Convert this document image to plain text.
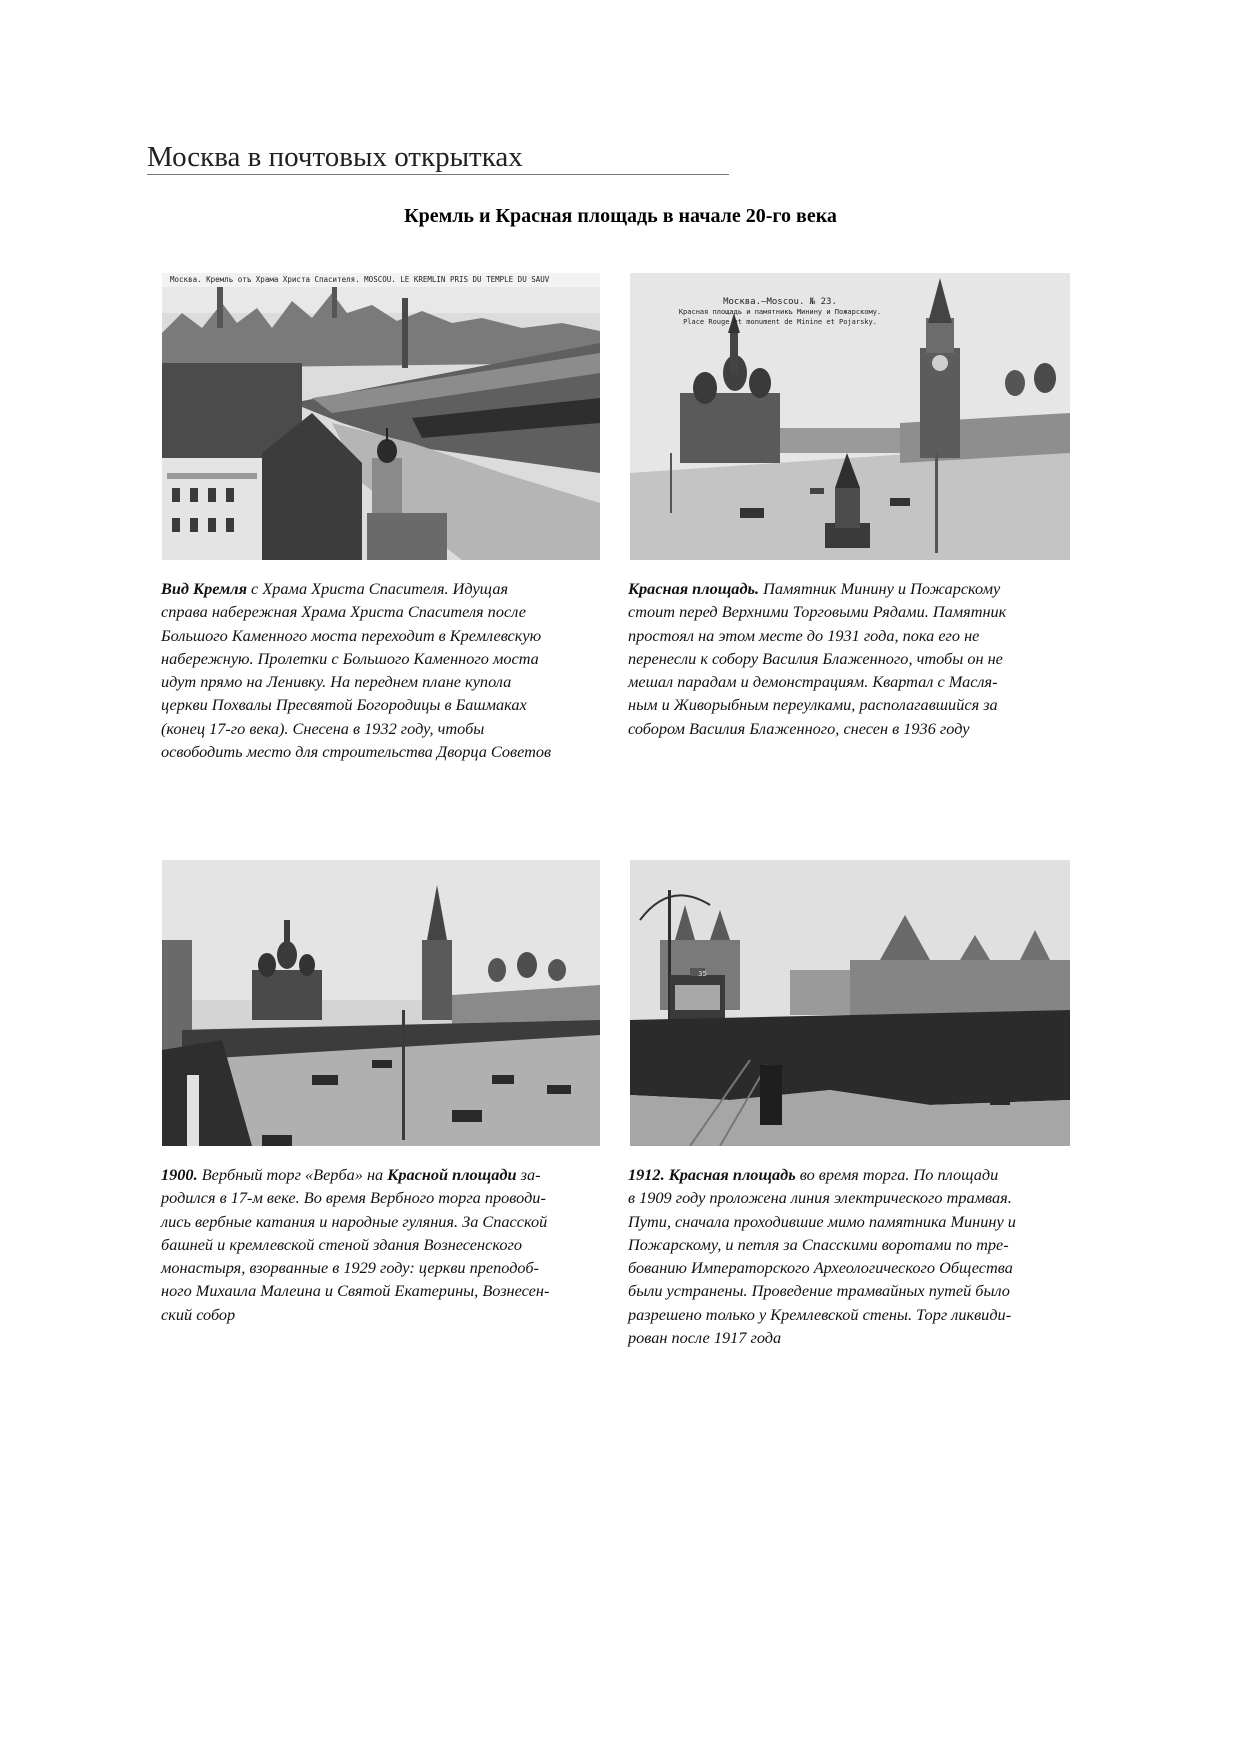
Москва в почтовых открытках
Кремль и Красная площадь в начале 20-го века
Москва. Кремль отъ Храма Христа Спасителя. MOSCOU. LE KREMLIN PRIS DU TEMPLE DU SAUV
Москва.—Moscou. № 23.
Красная площадь и памятникъ Минину и Пожарскому.
Place Rouge et monument de Minine et Pojarsky.
Вид Кремля с Храма Христа Спасителя. Идущая
справа набережная Храма Христа Спасителя после
Большого Каменного моста переходит в Кремлевскую
набережную. Пролетки с Большого Каменного моста
идут прямо на Ленивку. На переднем плане купола
церкви Похвалы Пресвятой Богородицы в Башмаках
(конец 17-го века). Снесена в 1932 году, чтобы
освободить место для строительства Дворца Советов
Красная площадь. Памятник Минину и Пожарскому
стоит перед Верхними Торговыми Рядами. Памятник
простоял на этом месте до 1931 года, пока его не
перенесли к собору Василия Блаженного, чтобы он не
мешал парадам и демонстрациям. Квартал с Масля-
ным и Живорыбным переулками, располагавшийся за
собором Василия Блаженного, снесен в 1936 году
35
1900. Вербный торг «Верба» на Красной площади за-
родился в 17-м веке. Во время Вербного торга проводи-
лись вербные катания и народные гуляния. За Спасской
башней и кремлевской стеной здания Вознесенского
монастыря, взорванные в 1929 году: церкви преподоб-
ного Михаила Малеина и Святой Екатерины, Вознесен-
ский собор
1912. Красная площадь во время торга. По площади
в 1909 году проложена линия электрического трамвая.
Пути, сначала проходившие мимо памятника Минину и
Пожарскому, и петля за Спасскими воротами по тре-
бованию Императорского Археологического Общества
были устранены. Проведение трамвайных путей было
разрешено только у Кремлевской стены. Торг ликвиди-
рован после 1917 года
